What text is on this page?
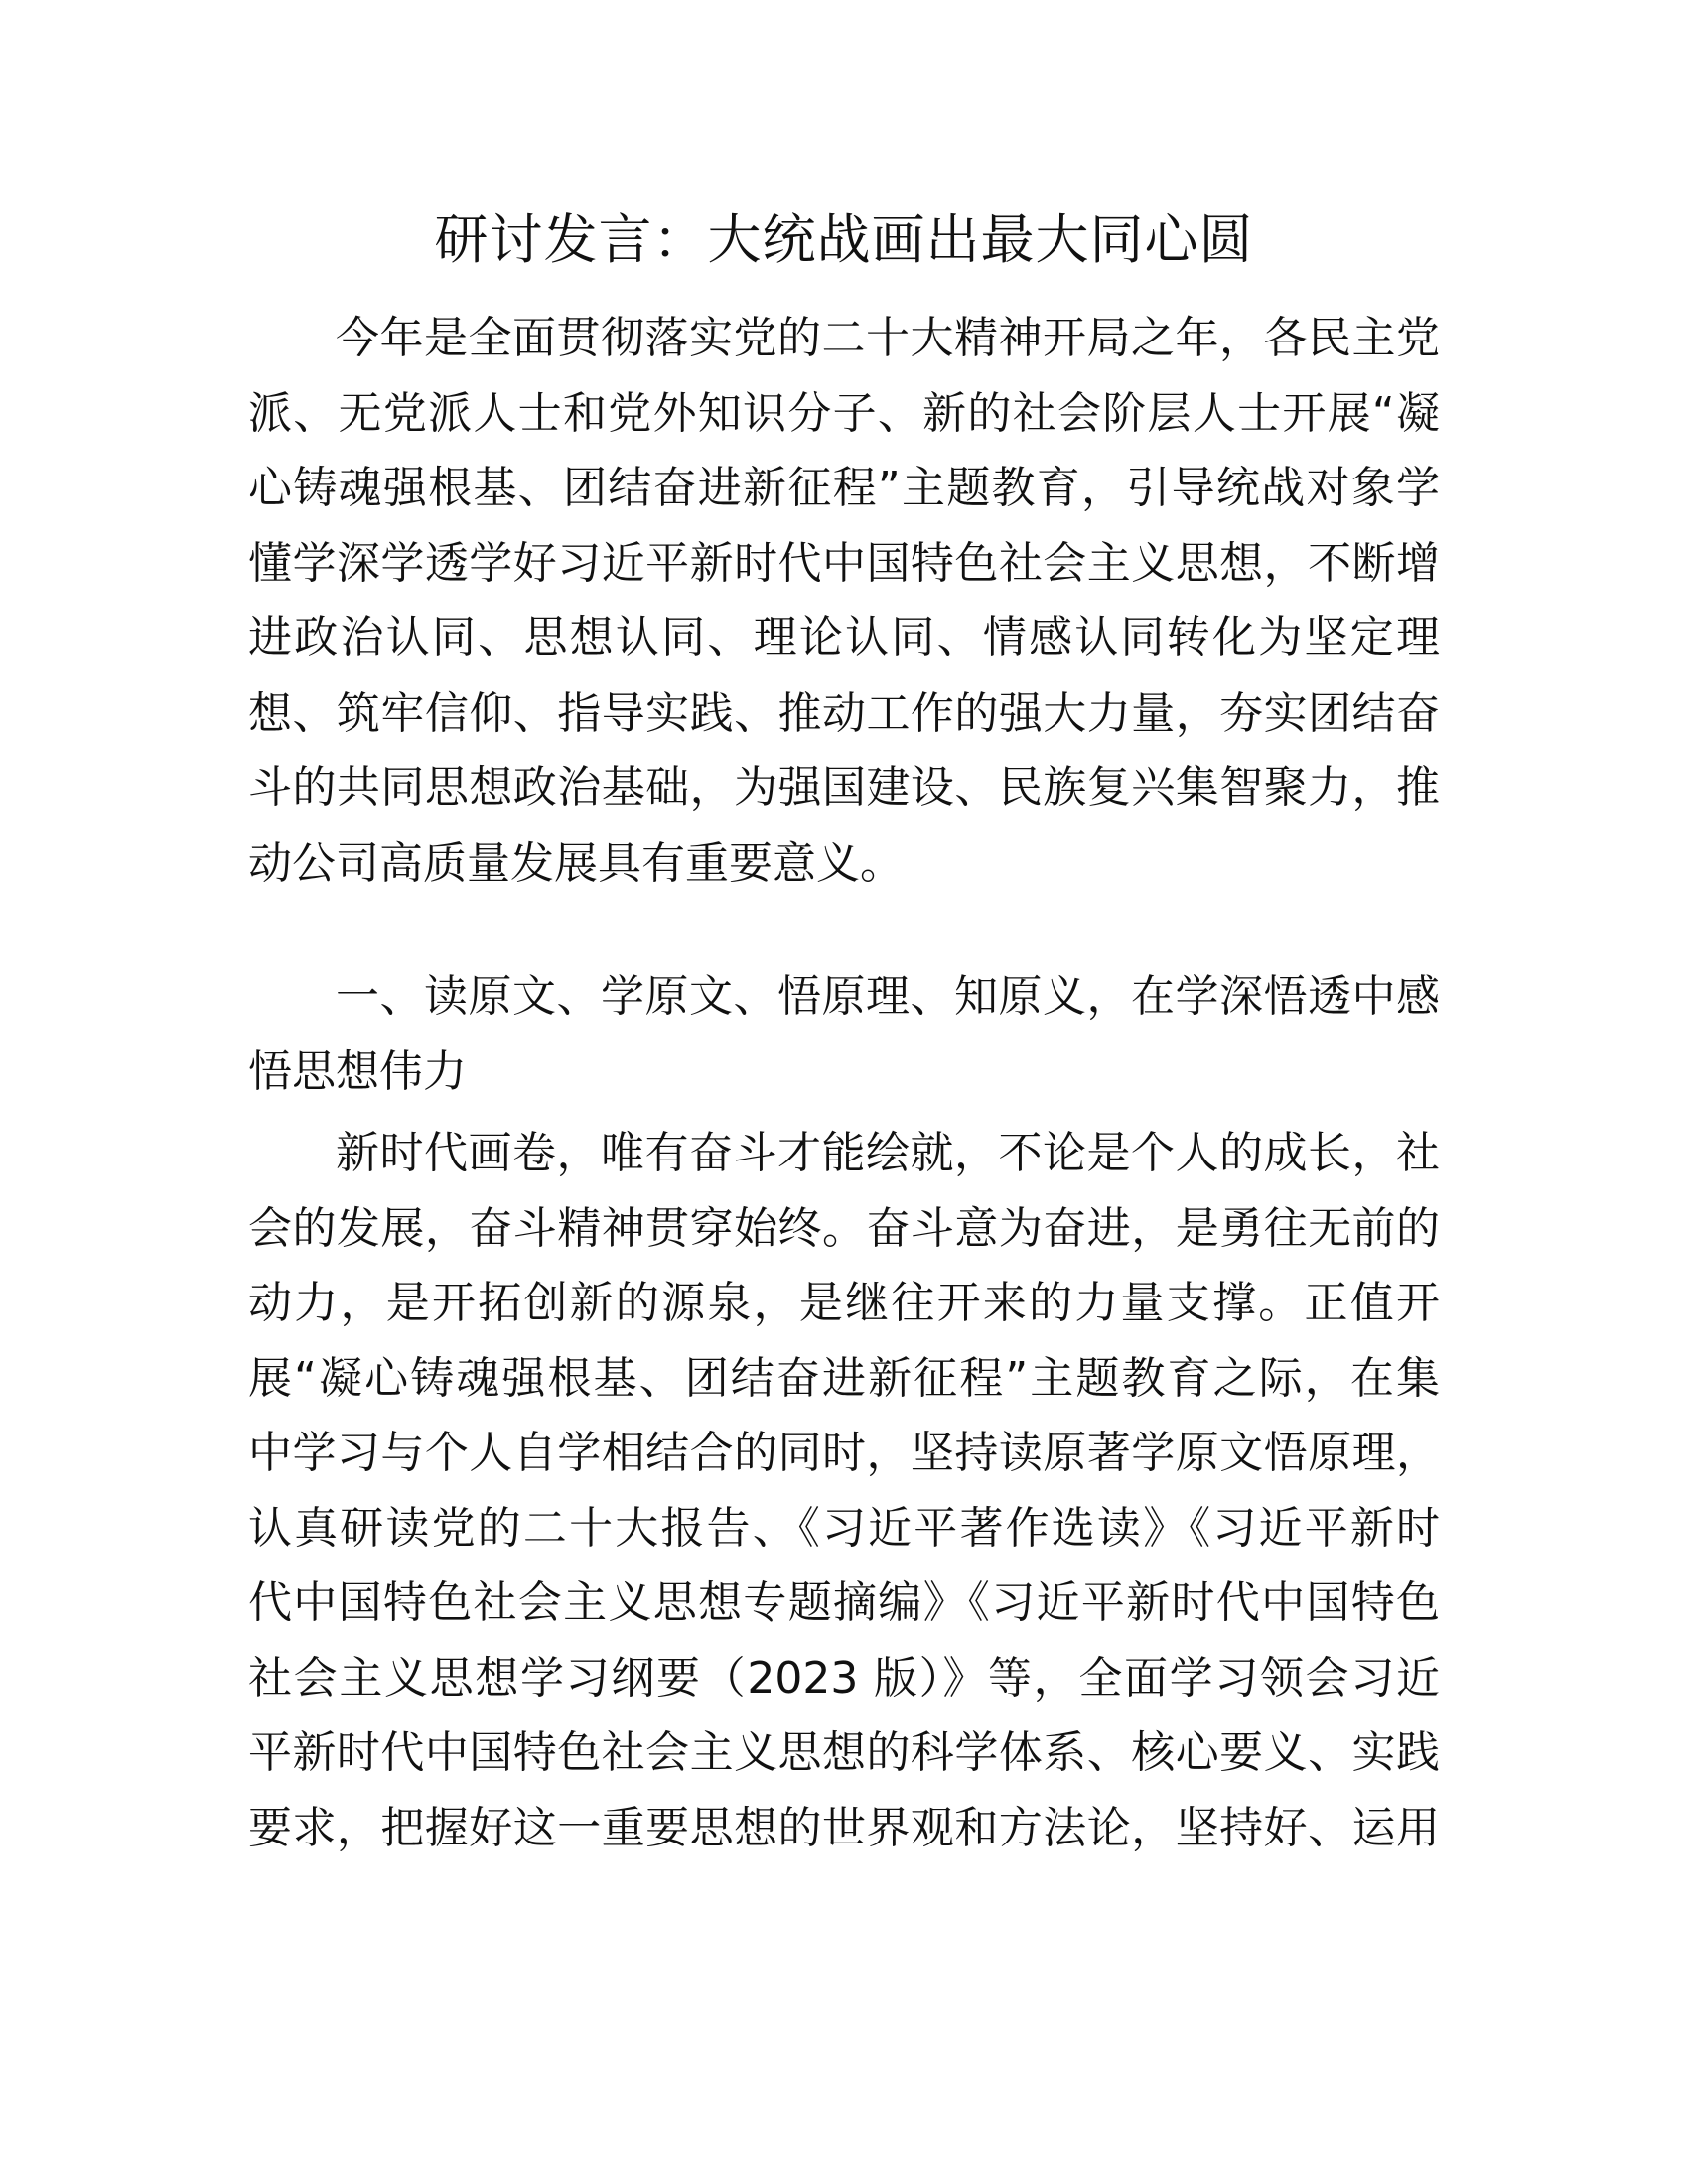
研讨发言：大统战画出最大同心圆
今年是全面贯彻落实党的二十大精神开局之年，各民主党
派、无党派人士和党外知识分子、新的社会阶层人士开展“凝
心铸魂强根基、团结奋进新征程”主题教育，引导统战对象学
懂学深学透学好习近平新时代中国特色社会主义思想，不断增
进政治认同、思想认同、理论认同、情感认同转化为坚定理
想、筑牢信仰、指导实践、推动工作的强大力量，夯实团结奋
斗的共同思想政治基础，为强国建设、民族复兴集智聚力，推
动公司高质量发展具有重要意义。
一、读原文、学原文、悟原理、知原义，在学深悟透中感
悟思想伟力
新时代画卷，唯有奋斗才能绘就，不论是个人的成长，社
会的发展，奋斗精神贯穿始终。奋斗意为奋进，是勇往无前的
动力，是开拓创新的源泉，是继往开来的力量支撑。正值开
展“凝心铸魂强根基、团结奋进新征程”主题教育之际，在集
中学习与个人自学相结合的同时，坚持读原著学原文悟原理，
认真研读党的二十大报告、《习近平著作选读》《习近平新时
代中国特色社会主义思想专题摘编》《习近平新时代中国特色
社会主义思想学习纲要（2023 版）》等，全面学习领会习近
平新时代中国特色社会主义思想的科学体系、核心要义、实践
要求，把握好这一重要思想的世界观和方法论，坚持好、运用
